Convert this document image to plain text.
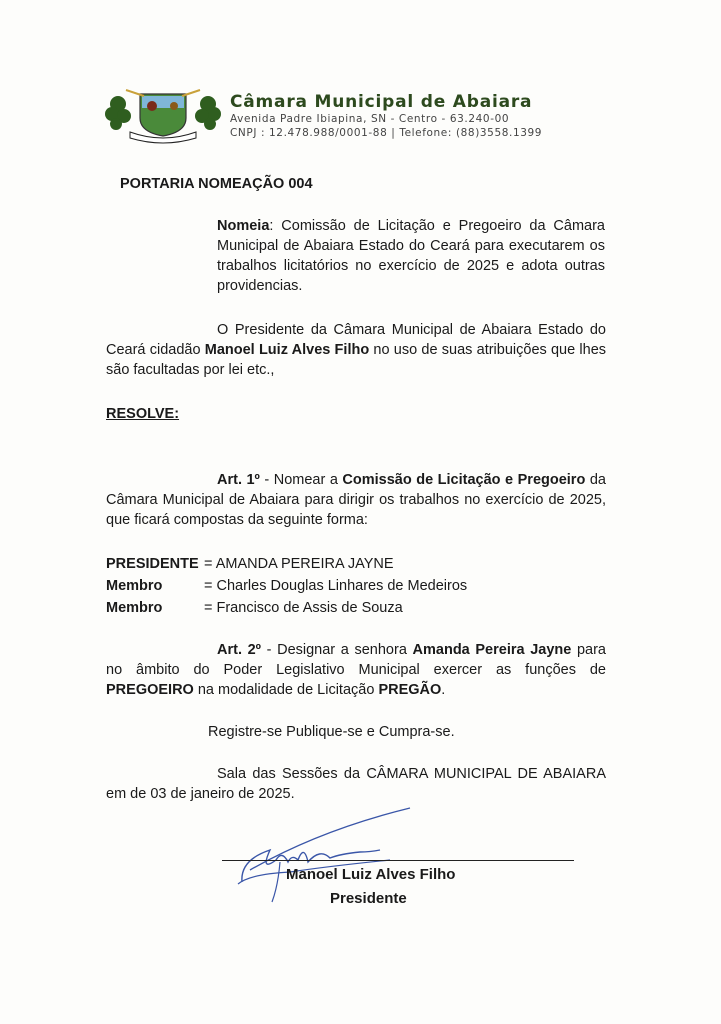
Câmara Municipal de Abaiara
Avenida Padre Ibiapina, SN - Centro - 63.240-00
CNPJ : 12.478.988/0001-88 | Telefone: (88)3558.1399
PORTARIA NOMEAÇÃO 004
Nomeia: Comissão de Licitação e Pregoeiro da Câmara Municipal de Abaiara Estado do Ceará para executarem os trabalhos licitatórios no exercício de 2025 e adota outras providencias.
O Presidente da Câmara Municipal de Abaiara Estado do Ceará cidadão Manoel Luiz Alves Filho no uso de suas atribuições que lhes são facultadas por lei etc.,
RESOLVE:
Art. 1º - Nomear a Comissão de Licitação e Pregoeiro da Câmara Municipal de Abaiara para dirigir os trabalhos no exercício de 2025, que ficará compostas da seguinte forma:
PRESIDENTE = AMANDA PEREIRA JAYNE
Membro	= Charles Douglas Linhares de Medeiros
Membro	= Francisco de Assis de Souza
Art. 2º - Designar a senhora Amanda Pereira Jayne para no âmbito do Poder Legislativo Municipal exercer as funções de PREGOEIRO na modalidade de Licitação PREGÃO.
Registre-se Publique-se e Cumpra-se.
Sala das Sessões da CÂMARA MUNICIPAL DE ABAIARA em de 03 de janeiro de 2025.
Manoel Luiz Alves Filho
Presidente
